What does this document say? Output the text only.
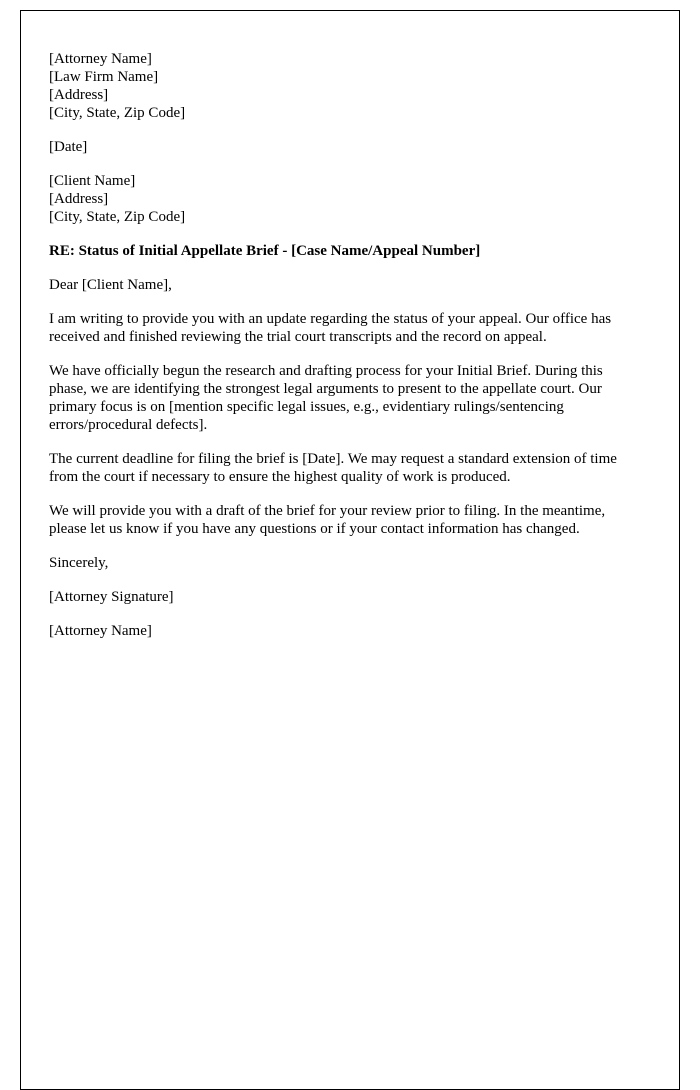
[Attorney Name]
[Law Firm Name]
[Address]
[City, State, Zip Code]
[Date]
[Client Name]
[Address]
[City, State, Zip Code]

RE: Status of Initial Appellate Brief - [Case Name/Appeal Number]

Dear [Client Name],

I am writing to provide you with an update regarding the status of your appeal. Our office has received and finished reviewing the trial court transcripts and the record on appeal.

We have officially begun the research and drafting process for your Initial Brief. During this phase, we are identifying the strongest legal arguments to present to the appellate court. Our primary focus is on [mention specific legal issues, e.g., evidentiary rulings/sentencing errors/procedural defects].

The current deadline for filing the brief is [Date]. We may request a standard extension of time from the court if necessary to ensure the highest quality of work is produced.

We will provide you with a draft of the brief for your review prior to filing. In the meantime, please let us know if you have any questions or if your contact information has changed.

Sincerely,

[Attorney Signature]

[Attorney Name]
